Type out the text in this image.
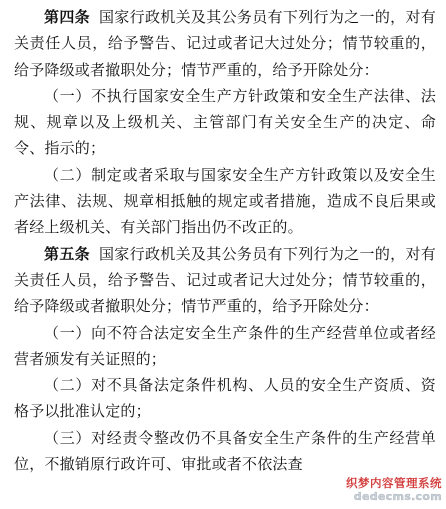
第四条 国家行政机关及其公务员有下列行为之一的，对有关责任人员，给予警告、记过或者记大过处分；情节较重的，给予降级或者撤职处分；情节严重的，给予开除处分：

（一）不执行国家安全生产方针政策和安全生产法律、法规、规章以及上级机关、主管部门有关安全生产的决定、命令、指示的；

（二）制定或者采取与国家安全生产方针政策以及安全生产法律、法规、规章相抵触的规定或者措施，造成不良后果或者经上级机关、有关部门指出仍不改正的。

第五条 国家行政机关及其公务员有下列行为之一的，对有关责任人员，给予警告、记过或者记大过处分；情节较重的，给予降级或者撤职处分；情节严重的，给予开除处分：

（一）向不符合法定安全生产条件的生产经营单位或者经营者颁发有关证照的；

（二）对不具备法定条件机构、人员的安全生产资质、资格予以批准认定的；

（三）对经责令整改仍不具备安全生产条件的生产经营单位，不撤销原行政许可、审批或者不依法查

织梦内容管理系统
dedecms.com
